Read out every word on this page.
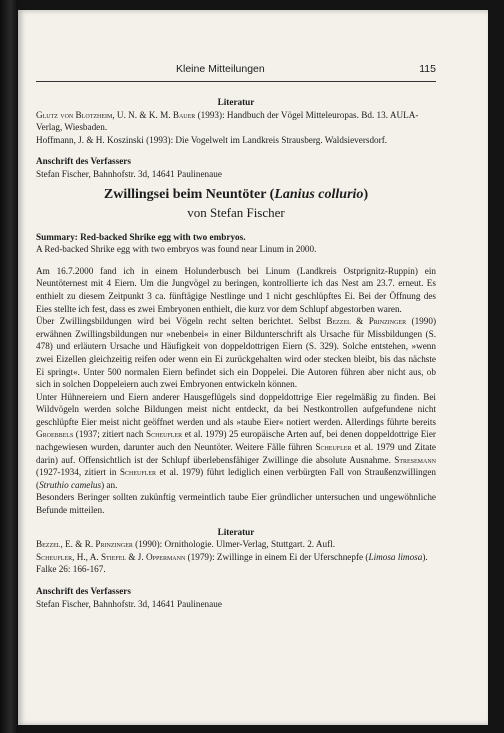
Kleine Mitteilungen	115

Literatur

Glutz von Blotzheim, U. N. & K. M. Bauer (1993): Handbuch der Vögel Mitteleuropas. Bd. 13. AULA-Verlag, Wiesbaden.

Hoffmann, J. & H. Koszinski (1993): Die Vogelwelt im Landkreis Strausberg. Waldsieversdorf.

Anschrift des Verfassers

Stefan Fischer, Bahnhofstr. 3d, 14641 Paulinenaue

Zwillingsei beim Neuntöter (Lanius collurio)

von Stefan Fischer

Summary: Red-backed Shrike egg with two embryos.

A Red-backed Shrike egg with two embryos was found near Linum in 2000.

Am 16.7.2000 fand ich in einem Holunderbusch bei Linum (Landkreis Ostprignitz-Ruppin) ein Neuntöternest mit 4 Eiern. Um die Jungvögel zu beringen, kontrollierte ich das Nest am 23.7. erneut. Es enthielt zu diesem Zeitpunkt 3 ca. fünftägige Nestlinge und 1 nicht geschlüpftes Ei. Bei der Öffnung des Eies stellte ich fest, dass es zwei Embryonen enthielt, die kurz vor dem Schlupf abgestorben waren.

Über Zwillingsbildungen wird bei Vögeln recht selten berichtet. Selbst Bezzel & Prinzinger (1990) erwähnen Zwillingsbildungen nur »nebenbei« in einer Bildunterschrift als Ursache für Missbildungen (S. 478) und erläutern Ursache und Häufigkeit von doppeldottrigen Eiern (S. 329). Solche entstehen, »wenn zwei Eizellen gleichzeitig reifen oder wenn ein Ei zurückgehalten wird oder stecken bleibt, bis das nächste Ei springt«. Unter 500 normalen Eiern befindet sich ein Doppelei. Die Autoren führen aber nicht aus, ob sich in solchen Doppeleiern auch zwei Embryonen entwickeln können.

Unter Hühnereiern und Eiern anderer Hausgeflügels sind doppeldottrige Eier regelmäßig zu finden. Bei Wildvögeln werden solche Bildungen meist nicht entdeckt, da bei Nestkontrollen aufgefundene nicht geschlüpfte Eier meist nicht geöffnet werden und als »taube Eier« notiert werden. Allerdings führte bereits Groebbels (1937; zitiert nach Scheufler et al. 1979) 25 europäische Arten auf, bei denen doppeldottrige Eier nachgewiesen wurden, darunter auch den Neuntöter. Weitere Fälle führen Scheufler et al. 1979 und Zitate darin) auf. Offensichtlich ist der Schlupf überlebensfähiger Zwillinge die absolute Ausnahme. Stresemann (1927-1934, zitiert in Scheufler et al. 1979) führt lediglich einen verbürgten Fall von Straußenzwillingen (Struthio camelus) an.

Besonders Beringer sollten zukünftig vermeintlich taube Eier gründlicher untersuchen und ungewöhnliche Befunde mitteilen.

Literatur

Bezzel, E. & R. Prinzinger (1990): Ornithologie. Ulmer-Verlag, Stuttgart. 2. Aufl.

Scheufler, H., A. Stiefel & J. Oppermann (1979): Zwillinge in einem Ei der Uferschnepfe (Limosa limosa). Falke 26: 166-167.

Anschrift des Verfassers

Stefan Fischer, Bahnhofstr. 3d, 14641 Paulinenaue
